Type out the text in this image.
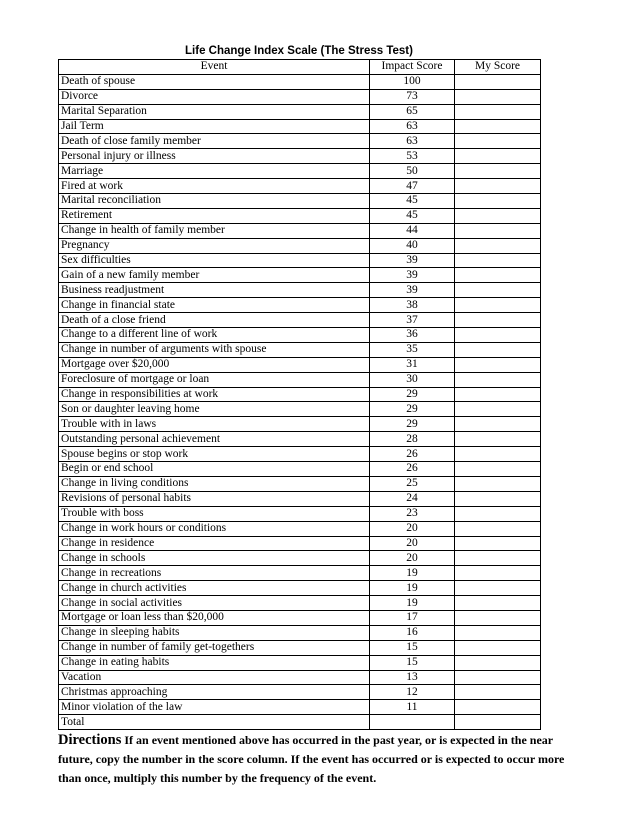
Life Change Index Scale (The Stress Test)
Event	Impact Score	My Score
Death of spouse	100	
Divorce	73	
Marital Separation	65	
Jail Term	63	
Death of close family member	63	
Personal injury or illness	53	
Marriage	50	
Fired at work	47	
Marital reconciliation	45	
Retirement	45	
Change in health of family member	44	
Pregnancy	40	
Sex difficulties	39	
Gain of a new family member	39	
Business readjustment	39	
Change in financial state	38	
Death of a close friend	37	
Change to a different line of work	36	
Change in number of arguments with spouse	35	
Mortgage over $20,000	31	
Foreclosure of mortgage or loan	30	
Change in responsibilities at work	29	
Son or daughter leaving home	29	
Trouble with in laws	29	
Outstanding personal achievement	28	
Spouse begins or stop work	26	
Begin or end school	26	
Change in living conditions	25	
Revisions of personal habits	24	
Trouble with boss	23	
Change in work hours or conditions	20	
Change in residence	20	
Change in schools	20	
Change in recreations	19	
Change in church activities	19	
Change in social activities	19	
Mortgage or loan less than $20,000	17	
Change in sleeping habits	16	
Change in number of family get-togethers	15	
Change in eating habits	15	
Vacation	13	
Christmas approaching	12	
Minor violation of the law	11	
Total		
Directions If an event mentioned above has occurred in the past year, or is expected in the near future, copy the number in the score column. If the event has occurred or is expected to occur more than once, multiply this number by the frequency of the event.
